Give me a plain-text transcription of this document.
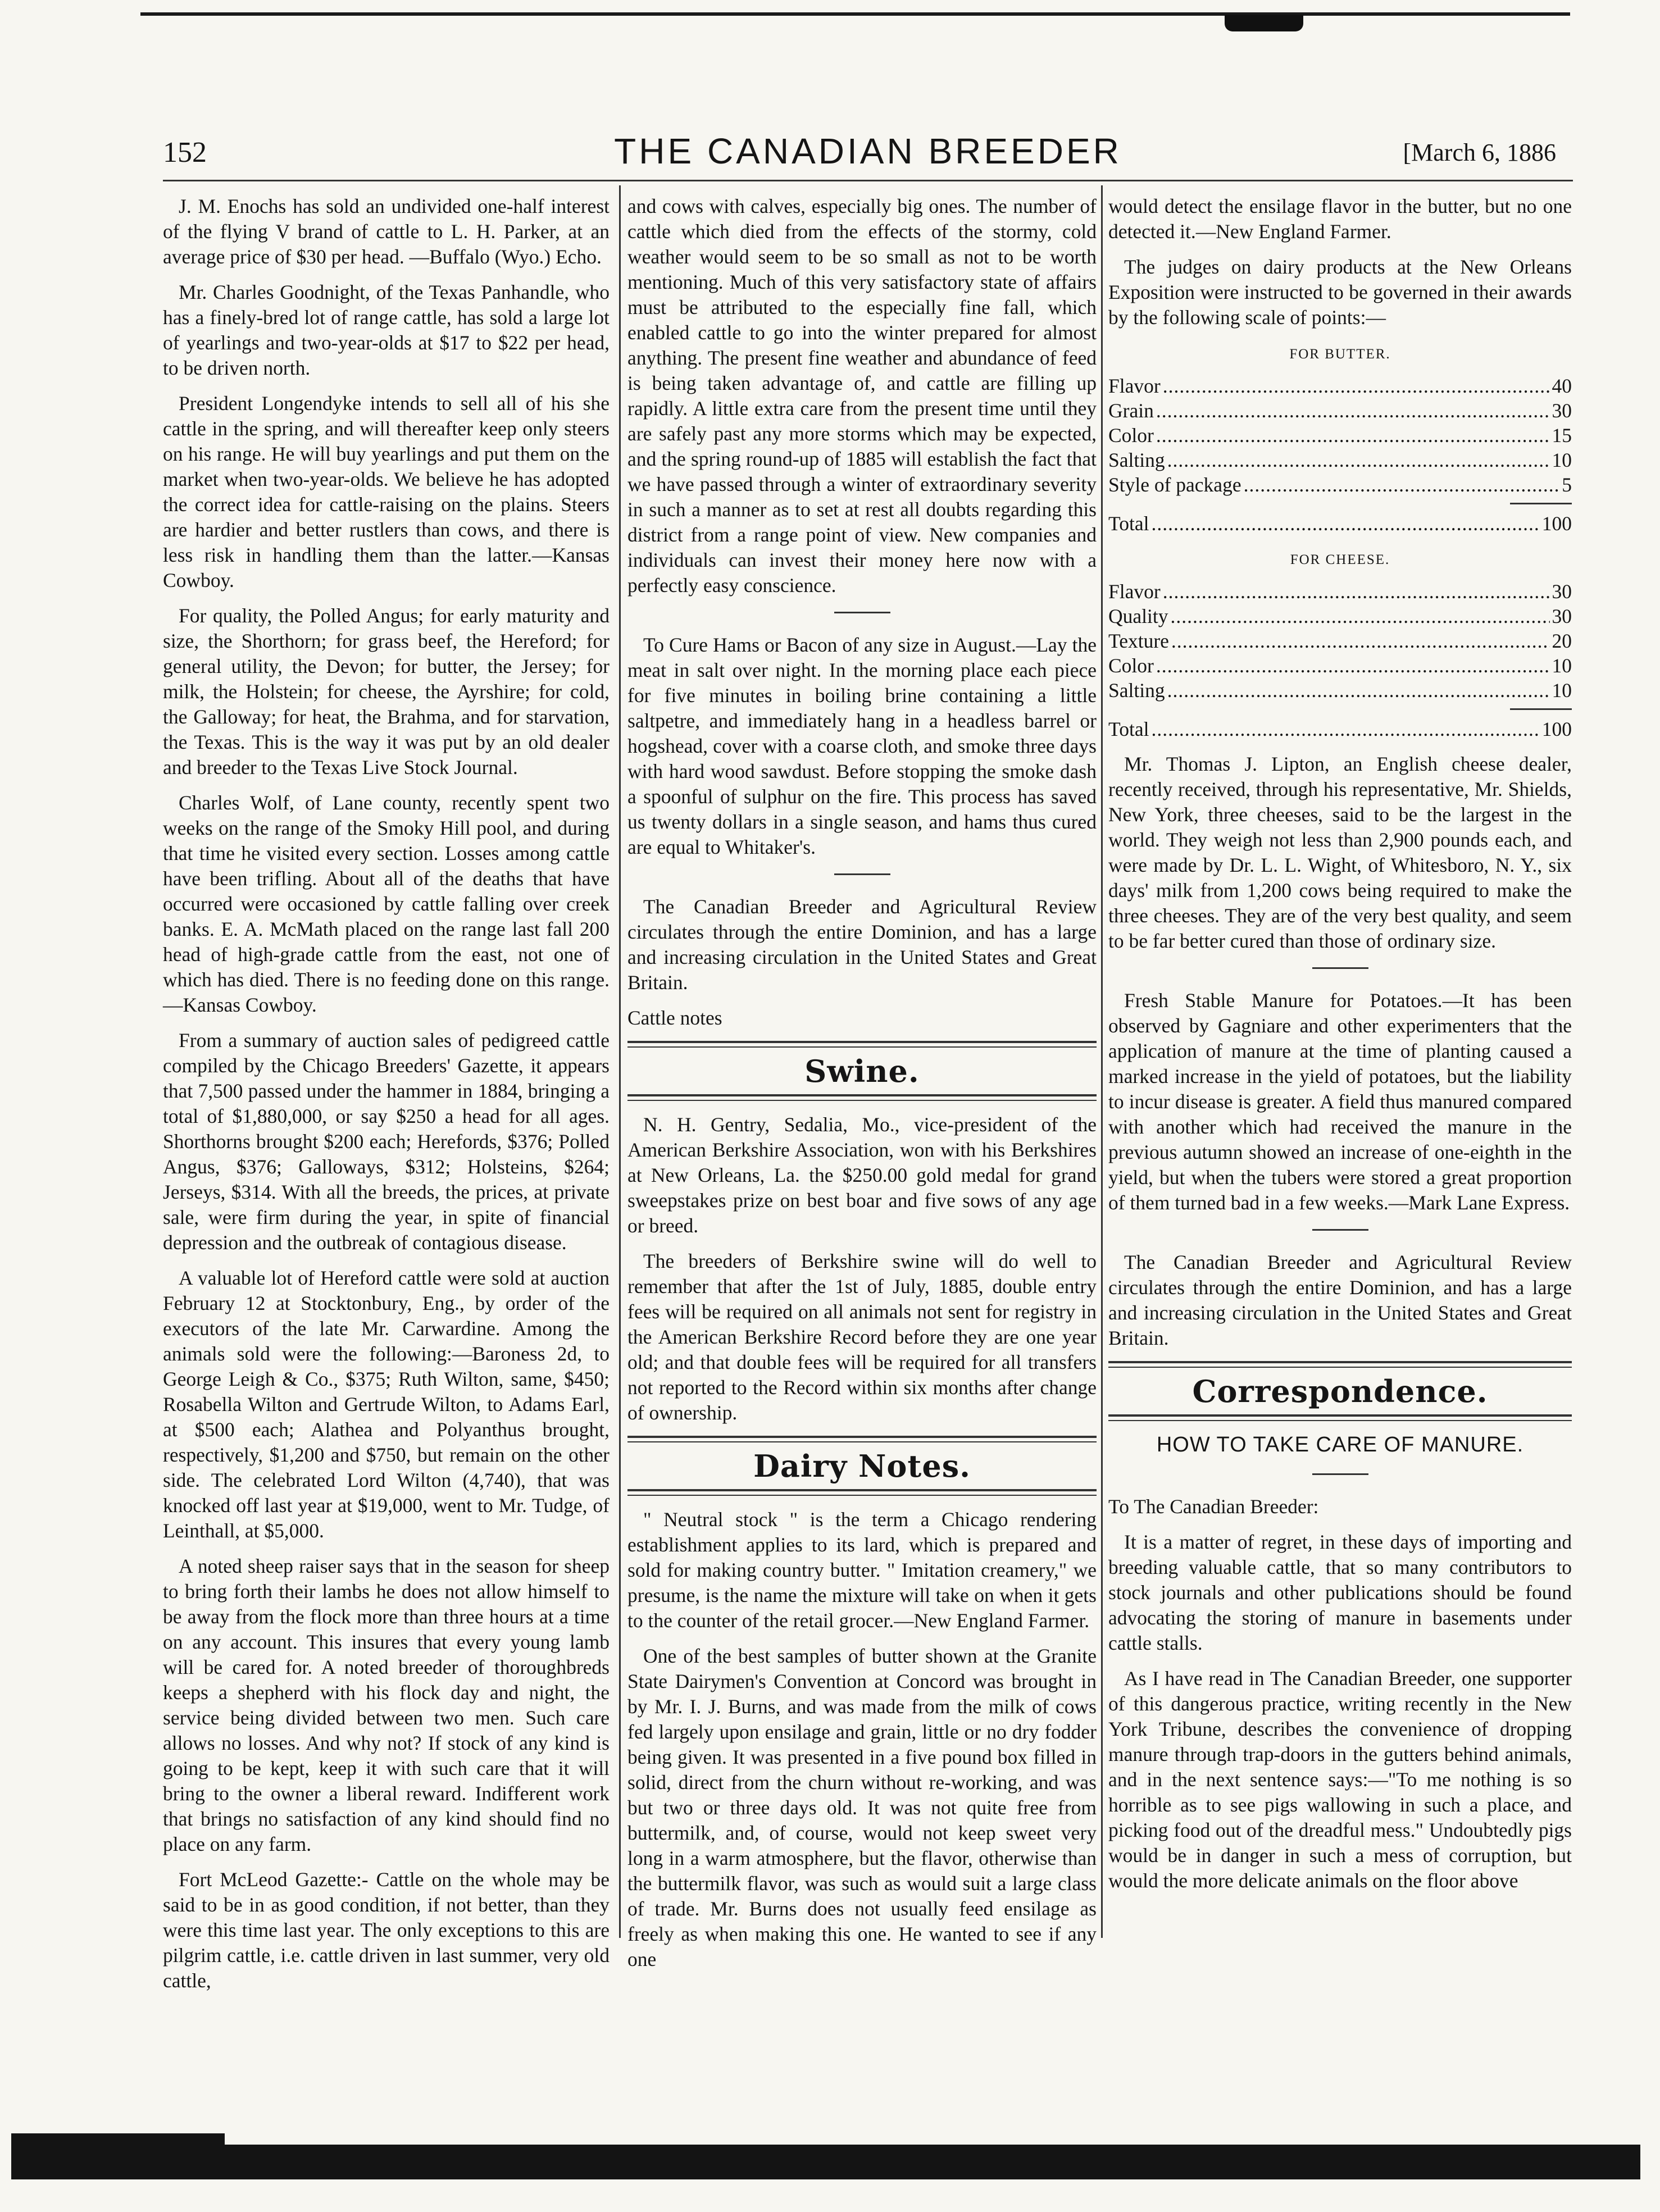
152	THE CANADIAN BREEDER	[March 6, 1886

J. M. Enochs has sold an undivided one-half interest of the flying V brand of cattle to L. H. Parker, at an average price of $30 per head. —Buffalo (Wyo.) Echo.

Mr. Charles Goodnight, of the Texas Panhandle, who has a finely-bred lot of range cattle, has sold a large lot of yearlings and two-year-olds at $17 to $22 per head, to be driven north.

President Longendyke intends to sell all of his she cattle in the spring, and will thereafter keep only steers on his range. He will buy yearlings and put them on the market when two-year-olds. We believe he has adopted the correct idea for cattle-raising on the plains. Steers are hardier and better rustlers than cows, and there is less risk in handling them than the latter.—Kansas Cowboy.

For quality, the Polled Angus; for early maturity and size, the Shorthorn; for grass beef, the Hereford; for general utility, the Devon; for butter, the Jersey; for milk, the Holstein; for cheese, the Ayrshire; for cold, the Galloway; for heat, the Brahma, and for starvation, the Texas. This is the way it was put by an old dealer and breeder to the Texas Live Stock Journal.

Charles Wolf, of Lane county, recently spent two weeks on the range of the Smoky Hill pool, and during that time he visited every section. Losses among cattle have been trifling. About all of the deaths that have occurred were occasioned by cattle falling over creek banks. E. A. McMath placed on the range last fall 200 head of high-grade cattle from the east, not one of which has died. There is no feeding done on this range.—Kansas Cowboy.

From a summary of auction sales of pedigreed cattle compiled by the Chicago Breeders' Gazette, it appears that 7,500 passed under the hammer in 1884, bringing a total of $1,880,000, or say $250 a head for all ages. Shorthorns brought $200 each; Herefords, $376; Polled Angus, $376; Galloways, $312; Holsteins, $264; Jerseys, $314. With all the breeds, the prices, at private sale, were firm during the year, in spite of financial depression and the outbreak of contagious disease.

A valuable lot of Hereford cattle were sold at auction February 12 at Stocktonbury, Eng., by order of the executors of the late Mr. Carwardine. Among the animals sold were the following:—Baroness 2d, to George Leigh & Co., $375; Ruth Wilton, same, $450; Rosabella Wilton and Gertrude Wilton, to Adams Earl, at $500 each; Alathea and Polyanthus brought, respectively, $1,200 and $750, but remain on the other side. The celebrated Lord Wilton (4,740), that was knocked off last year at $19,000, went to Mr. Tudge, of Leinthall, at $5,000.

A noted sheep raiser says that in the season for sheep to bring forth their lambs he does not allow himself to be away from the flock more than three hours at a time on any account. This insures that every young lamb will be cared for. A noted breeder of thoroughbreds keeps a shepherd with his flock day and night, the service being divided between two men. Such care allows no losses. And why not? If stock of any kind is going to be kept, keep it with such care that it will bring to the owner a liberal reward. Indifferent work that brings no satisfaction of any kind should find no place on any farm.

Fort McLeod Gazette:- Cattle on the whole may be said to be in as good condition, if not better, than they were this time last year. The only exceptions to this are pilgrim cattle, i.e. cattle driven in last summer, very old cattle,

and cows with calves, especially big ones. The number of cattle which died from the effects of the stormy, cold weather would seem to be so small as not to be worth mentioning. Much of this very satisfactory state of affairs must be attributed to the especially fine fall, which enabled cattle to go into the winter prepared for almost anything. The present fine weather and abundance of feed is being taken advantage of, and cattle are filling up rapidly. A little extra care from the present time until they are safely past any more storms which may be expected, and the spring round-up of 1885 will establish the fact that we have passed through a winter of extraordinary severity in such a manner as to set at rest all doubts regarding this district from a range point of view. New companies and individuals can invest their money here now with a perfectly easy conscience.

To Cure Hams or Bacon of any size in August.—Lay the meat in salt over night. In the morning place each piece for five minutes in boiling brine containing a little saltpetre, and immediately hang in a headless barrel or hogshead, cover with a coarse cloth, and smoke three days with hard wood sawdust. Before stopping the smoke dash a spoonful of sulphur on the fire. This process has saved us twenty dollars in a single season, and hams thus cured are equal to Whitaker's.

The Canadian Breeder and Agricultural Review circulates through the entire Dominion, and has a large and increasing circulation in the United States and Great Britain.

Cattle notes

Swine.

N. H. Gentry, Sedalia, Mo., vice-president of the American Berkshire Association, won with his Berkshires at New Orleans, La. the $250.00 gold medal for grand sweepstakes prize on best boar and five sows of any age or breed.

The breeders of Berkshire swine will do well to remember that after the 1st of July, 1885, double entry fees will be required on all animals not sent for registry in the American Berkshire Record before they are one year old; and that double fees will be required for all transfers not reported to the Record within six months after change of ownership.

Dairy Notes.

" Neutral stock " is the term a Chicago rendering establishment applies to its lard, which is prepared and sold for making country butter. " Imitation creamery," we presume, is the name the mixture will take on when it gets to the counter of the retail grocer.—New England Farmer.

One of the best samples of butter shown at the Granite State Dairymen's Convention at Concord was brought in by Mr. I. J. Burns, and was made from the milk of cows fed largely upon ensilage and grain, little or no dry fodder being given. It was presented in a five pound box filled in solid, direct from the churn without re-working, and was but two or three days old. It was not quite free from buttermilk, and, of course, would not keep sweet very long in a warm atmosphere, but the flavor, otherwise than the buttermilk flavor, was such as would suit a large class of trade. Mr. Burns does not usually feed ensilage as freely as when making this one. He wanted to see if any one

would detect the ensilage flavor in the butter, but no one detected it.—New England Farmer.

The judges on dairy products at the New Orleans Exposition were instructed to be governed in their awards by the following scale of points:—

FOR BUTTER.
Flavor .....	40
Grain .....	30
Color .....	15
Salting .....	10
Style of package .....	5
Total .....	100
FOR CHEESE.
Flavor .....	30
Quality .....	30
Texture .....	20
Color .....	10
Salting .....	10
Total .....	100

Mr. Thomas J. Lipton, an English cheese dealer, recently received, through his representative, Mr. Shields, New York, three cheeses, said to be the largest in the world. They weigh not less than 2,900 pounds each, and were made by Dr. L. L. Wight, of Whitesboro, N. Y., six days' milk from 1,200 cows being required to make the three cheeses. They are of the very best quality, and seem to be far better cured than those of ordinary size.

Fresh Stable Manure for Potatoes.—It has been observed by Gagniare and other experimenters that the application of manure at the time of planting caused a marked increase in the yield of potatoes, but the liability to incur disease is greater. A field thus manured compared with another which had received the manure in the previous autumn showed an increase of one-eighth in the yield, but when the tubers were stored a great proportion of them turned bad in a few weeks.—Mark Lane Express.

The Canadian Breeder and Agricultural Review circulates through the entire Dominion, and has a large and increasing circulation in the United States and Great Britain.

Correspondence.
HOW TO TAKE CARE OF MANURE.

To The Canadian Breeder:

It is a matter of regret, in these days of importing and breeding valuable cattle, that so many contributors to stock journals and other publications should be found advocating the storing of manure in basements under cattle stalls.

As I have read in The Canadian Breeder, one supporter of this dangerous practice, writing recently in the New York Tribune, describes the convenience of dropping manure through trap-doors in the gutters behind animals, and in the next sentence says:—"To me nothing is so horrible as to see pigs wallowing in such a place, and picking food out of the dreadful mess." Undoubtedly pigs would be in danger in such a mess of corruption, but would the more delicate animals on the floor above
